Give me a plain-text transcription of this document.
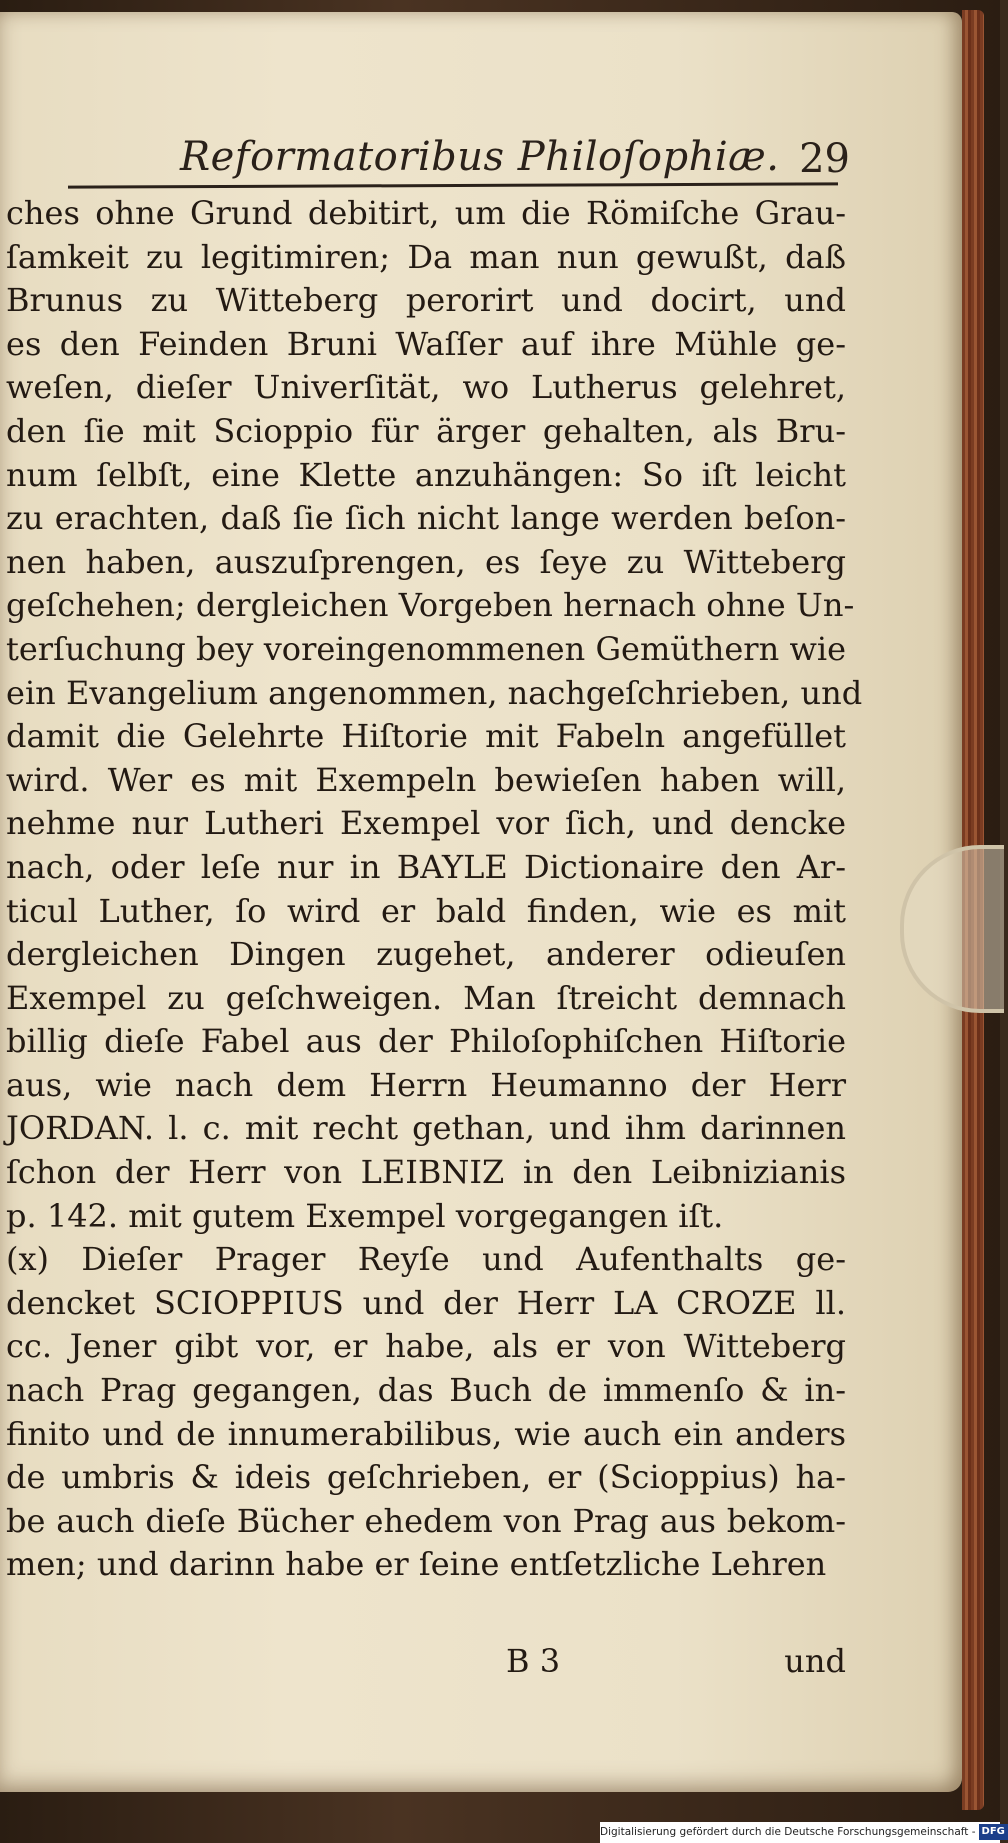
Reformatoribus Philoſophiæ. 29
ches ohne Grund debitirt, um die Römiſche Grau-
ſamkeit zu legitimiren; Da man nun gewußt, daß
Brunus zu Witteberg perorirt und docirt, und
es den Feinden Bruni Waſſer auf ihre Mühle ge-
weſen, dieſer Univerſität, wo Lutherus gelehret,
den ſie mit Scioppio für ärger gehalten, als Bru-
num ſelbſt, eine Klette anzuhängen: So iſt leicht
zu erachten, daß ſie ſich nicht lange werden beſon-
nen haben, auszuſprengen, es ſeye zu Witteberg
geſchehen; dergleichen Vorgeben hernach ohne Un-
terſuchung bey voreingenommenen Gemüthern wie
ein Evangelium angenommen, nachgeſchrieben, und
damit die Gelehrte Hiſtorie mit Fabeln angefüllet
wird. Wer es mit Exempeln bewieſen haben will,
nehme nur Lutheri Exempel vor ſich, und dencke
nach, oder leſe nur in BAYLE Dictionaire den Ar-
ticul Luther, ſo wird er bald finden, wie es mit
dergleichen Dingen zugehet, anderer odieuſen
Exempel zu geſchweigen. Man ſtreicht demnach
billig dieſe Fabel aus der Philoſophiſchen Hiſtorie
aus, wie nach dem Herrn Heumanno der Herr
JORDAN. l. c. mit recht gethan, und ihm darinnen
ſchon der Herr von LEIBNIZ in den Leibnizianis
p. 142. mit gutem Exempel vorgegangen iſt.
(x) Dieſer Prager Reyſe und Aufenthalts ge-
dencket SCIOPPIUS und der Herr LA CROZE ll.
cc. Jener gibt vor, er habe, als er von Witteberg
nach Prag gegangen, das Buch de immenſo & in-
finito und de innumerabilibus, wie auch ein anders
de umbris & ideis geſchrieben, er (Scioppius) ha-
be auch dieſe Bücher ehedem von Prag aus bekom-
men; und darinn habe er ſeine entſetzliche Lehren
B 3	und
Digitalisierung gefördert durch die Deutsche Forschungsgemeinschaft - DFG
